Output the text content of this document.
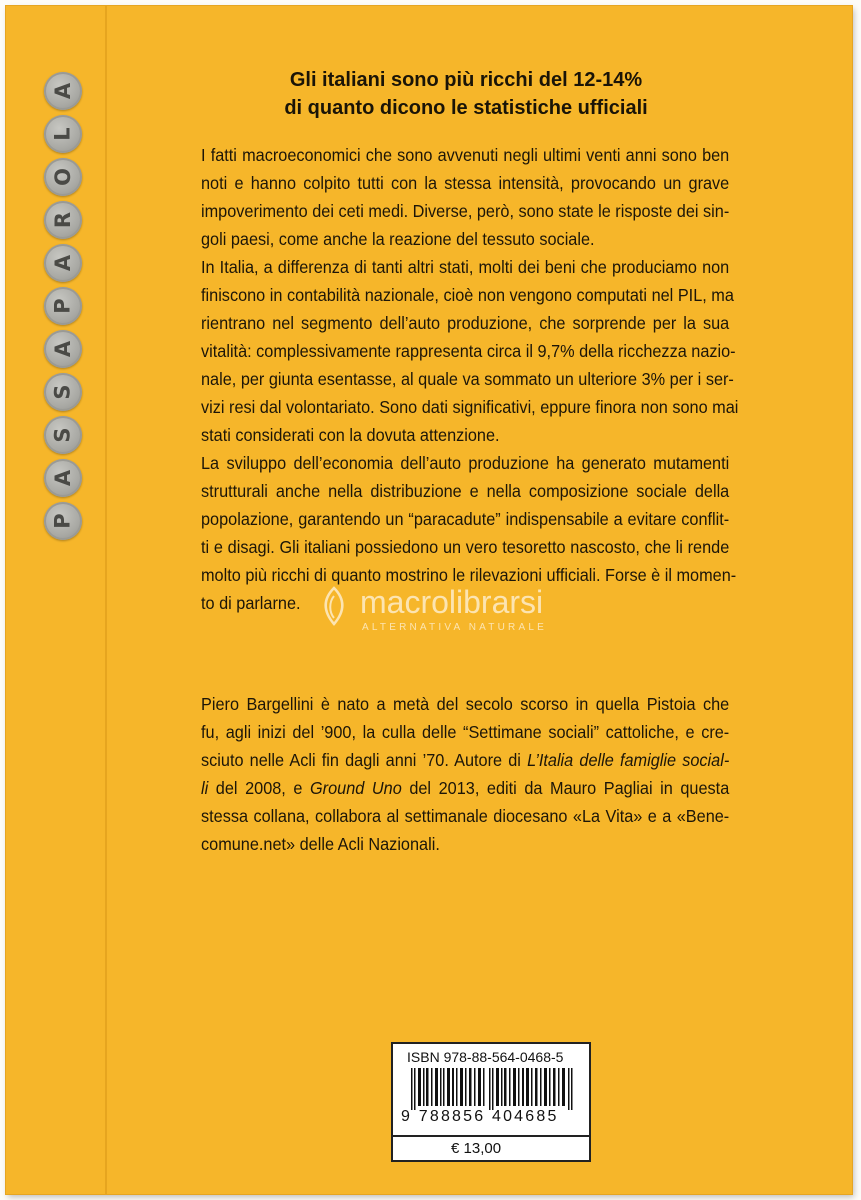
A
L
O
R
A
P
A
S
S
A
P
Gli italiani sono più ricchi del 12-14%
di quanto dicono le statistiche ufficiali
I fatti macroeconomici che sono avvenuti negli ultimi venti anni sono ben
noti e hanno colpito tutti con la stessa intensità, provocando un grave
impoverimento dei ceti medi. Diverse, però, sono state le risposte dei sin-
goli paesi, come anche la reazione del tessuto sociale.
In Italia, a differenza di tanti altri stati, molti dei beni che produciamo non
finiscono in contabilità nazionale, cioè non vengono computati nel PIL, ma
rientrano nel segmento dell’auto produzione, che sorprende per la sua
vitalità: complessivamente rappresenta circa il 9,7% della ricchezza nazio-
nale, per giunta esentasse, al quale va sommato un ulteriore 3% per i ser-
vizi resi dal volontariato. Sono dati significativi, eppure finora non sono mai
stati considerati con la dovuta attenzione.
La sviluppo dell’economia dell’auto produzione ha generato mutamenti
strutturali anche nella distribuzione e nella composizione sociale della
popolazione, garantendo un “paracadute” indispensabile a evitare conflit-
ti e disagi. Gli italiani possiedono un vero tesoretto nascosto, che li rende
molto più ricchi di quanto mostrino le rilevazioni ufficiali. Forse è il momen-
to di parlarne.	macrolibrarsi
ALTERNATIVA NATURALE
Piero Bargellini è nato a metà del secolo scorso in quella Pistoia che
fu, agli inizi del ’900, la culla delle “Settimane sociali” cattoliche, e cre-
sciuto nelle Acli fin dagli anni ’70. Autore di L’Italia delle famiglie social-
li del 2008, e Ground Uno del 2013, editi da Mauro Pagliai in questa
stessa collana, collabora al settimanale diocesano «La Vita» e a «Bene-
comune.net» delle Acli Nazionali.
ISBN 978-88-564-0468-5
9 788856 404685
€ 13,00
